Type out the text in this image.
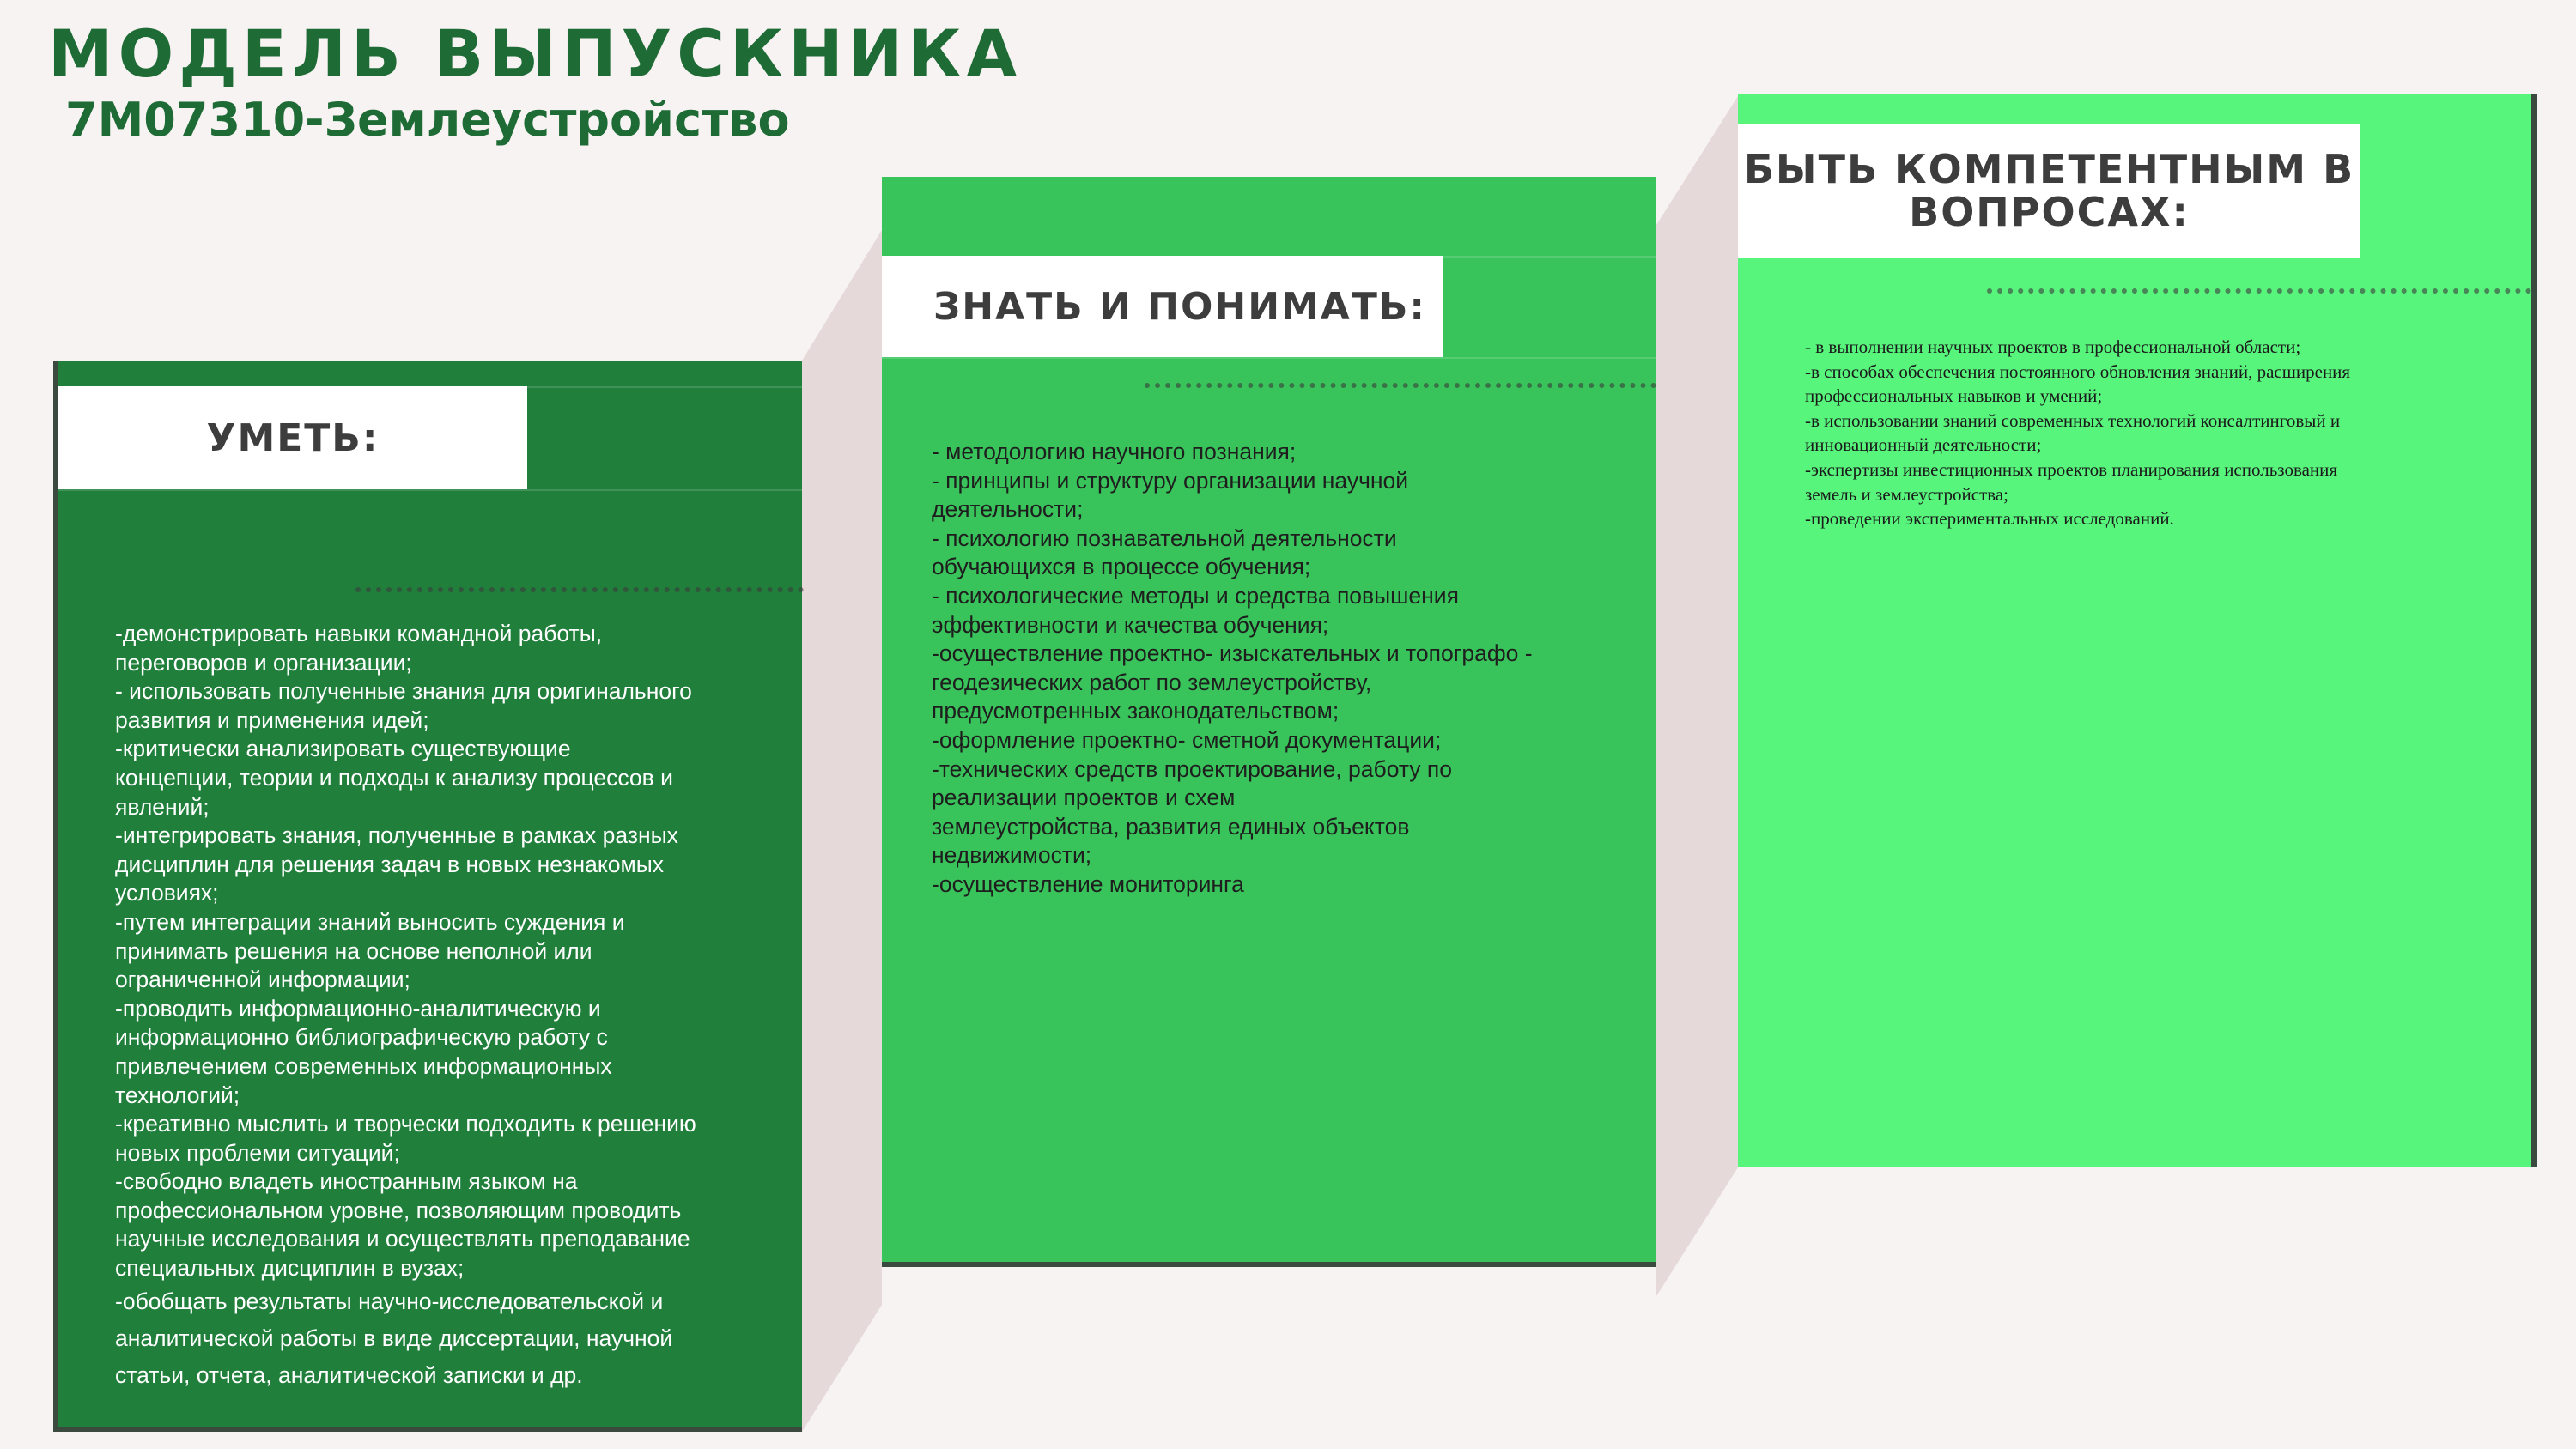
МОДЕЛЬ ВЫПУСКНИКА
7М07310-Землеустройство
УМЕТЬ:
-демонстрировать навыки командной работы,
переговоров и организации;
- использовать полученные знания для оригинального
развития и применения идей;
-критически анализировать существующие
концепции, теории и подходы к анализу процессов и
явлений;
-интегрировать знания, полученные в рамках разных
дисциплин для решения задач в новых незнакомых
условиях;
-путем интеграции знаний выносить суждения и
принимать решения на основе неполной или
ограниченной информации;
-проводить информационно-аналитическую и
информационно библиографическую работу с
привлечением современных информационных
технологий;
-креативно мыслить и творчески подходить к решению
новых проблеми ситуаций;
-свободно владеть иностранным языком на
профессиональном уровне, позволяющим проводить
научные исследования и осуществлять преподавание
специальных дисциплин в вузах;
-обобщать результаты научно-исследовательской и
аналитической работы в виде диссертации, научной
статьи, отчета, аналитической записки и др.
ЗНАТЬ И ПОНИМАТЬ:
- методологию научного познания;
- принципы и структуру организации научной
деятельности;
- психологию познавательной деятельности
обучающихся в процессе обучения;
- психологические методы и средства повышения
эффективности и качества обучения;
-осуществление проектно- изыскательных и топографо -
геодезических работ по землеустройству,
предусмотренных законодательством;
-оформление проектно- сметной документации;
-технических средств проектирование, работу по
реализации проектов и схем
землеустройства, развития единых объектов
недвижимости;
-осуществление мониторинга
БЫТЬ КОМПЕТЕНТНЫМ В
ВОПРОСАХ:
- в выполнении научных проектов в профессиональной области;
-в способах обеспечения постоянного обновления знаний, расширения
профессиональных навыков и умений;
-в использовании знаний современных технологий консалтинговый и
инновационный деятельности;
-экспертизы инвестиционных проектов планирования использования
земель и землеустройства;
-проведении экспериментальных исследований.
